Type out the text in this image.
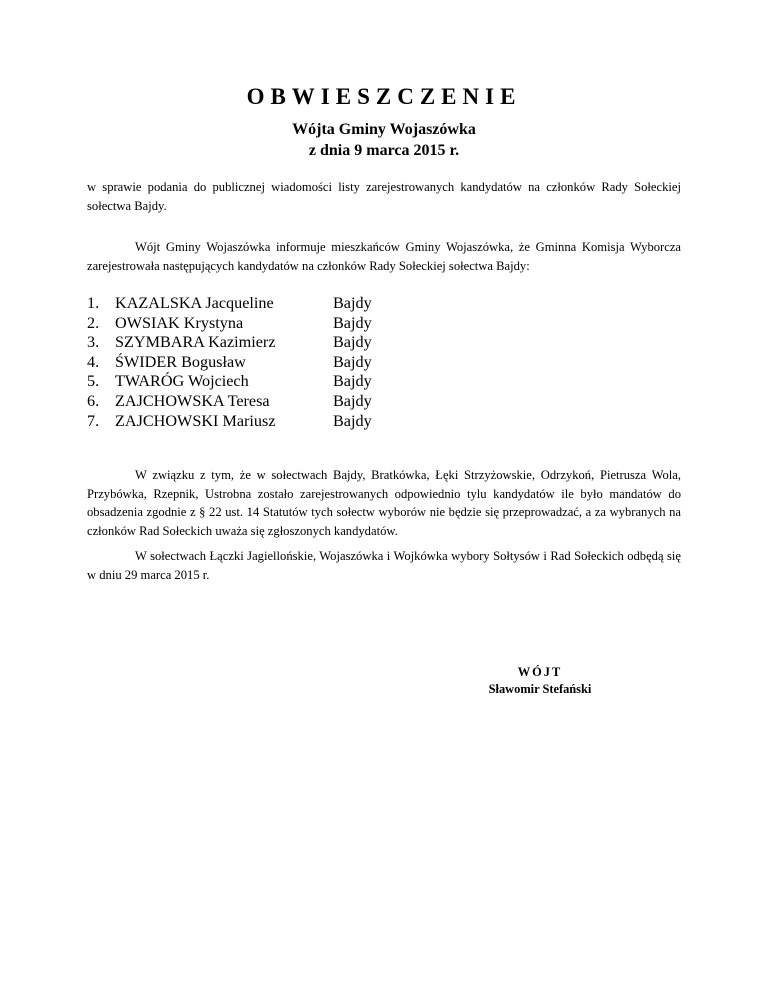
OBWIESZCZENIE
Wójta Gminy Wojaszówka
z dnia 9 marca 2015 r.
w sprawie podania do publicznej wiadomości listy zarejestrowanych kandydatów na członków Rady Sołeckiej sołectwa Bajdy.
Wójt Gminy Wojaszówka informuje mieszkańców Gminy Wojaszówka, że Gminna Komisja Wyborcza zarejestrowała następujących kandydatów na członków Rady Sołeckiej sołectwa Bajdy:
1. KAZALSKA Jacqueline	Bajdy
2. OWSIAK Krystyna	Bajdy
3. SZYMBARA Kazimierz	Bajdy
4. ŚWIDER Bogusław	Bajdy
5. TWARÓG Wojciech	Bajdy
6. ZAJCHOWSKA Teresa	Bajdy
7. ZAJCHOWSKI Mariusz	Bajdy
W związku z tym, że w sołectwach Bajdy, Bratkówka, Łęki Strzyżowskie, Odrzykoń, Pietrusza Wola, Przybówka, Rzepnik, Ustrobna zostało zarejestrowanych odpowiednio tylu kandydatów ile było mandatów do obsadzenia zgodnie z § 22 ust. 14 Statutów tych sołectw wyborów nie będzie się przeprowadzać, a za wybranych na członków Rad Sołeckich uważa się zgłoszonych kandydatów.
W sołectwach Łączki Jagiellońskie, Wojaszówka i Wojkówka wybory Sołtysów i Rad Sołeckich odbędą się w dniu 29 marca 2015 r.
WÓJT
Sławomir Stefański
